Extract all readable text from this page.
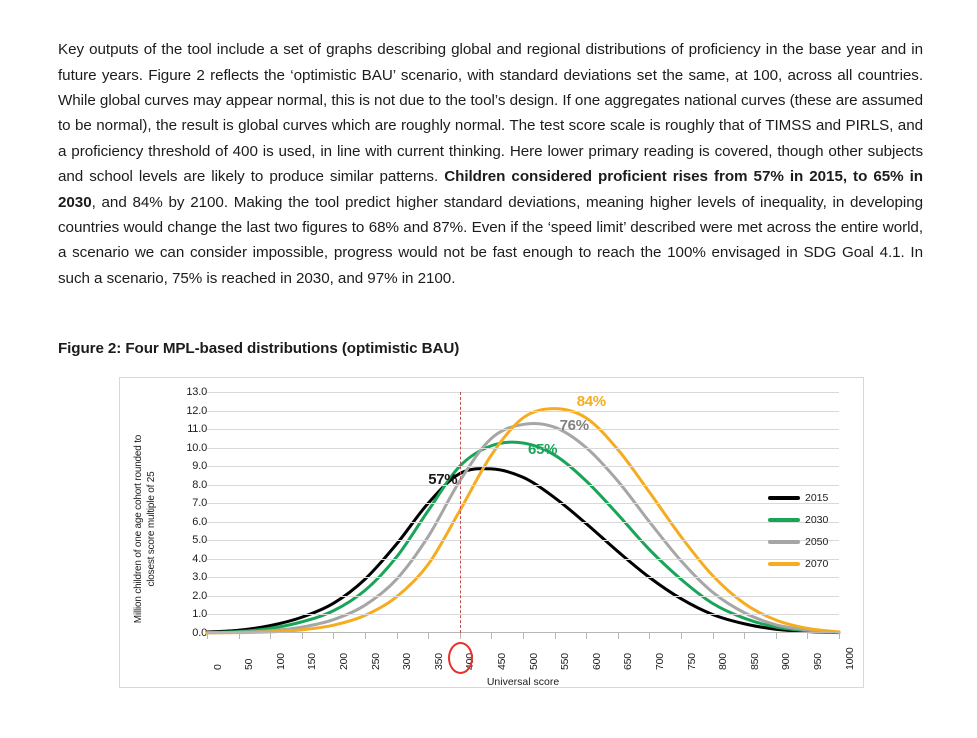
Key outputs of the tool include a set of graphs describing global and regional distributions of proficiency in the base year and in future years. Figure 2 reflects the ‘optimistic BAU’ scenario, with standard deviations set the same, at 100, across all countries. While global curves may appear normal, this is not due to the tool’s design. If one aggregates national curves (these are assumed to be normal), the result is global curves which are roughly normal. The test score scale is roughly that of TIMSS and PIRLS, and a proficiency threshold of 400 is used, in line with current thinking. Here lower primary reading is covered, though other subjects and school levels are likely to produce similar patterns. Children considered proficient rises from 57% in 2015, to 65% in 2030, and 84% by 2100. Making the tool predict higher standard deviations, meaning higher levels of inequality, in developing countries would change the last two figures to 68% and 87%. Even if the ‘speed limit’ described were met across the entire world, a scenario we can consider impossible, progress would not be fast enough to reach the 100% envisaged in SDG Goal 4.1. In such a scenario, 75% is reached in 2030, and 97% in 2100.

Figure 2: Four MPL-based distributions (optimistic BAU)
Million children of one age cohort rounded to closest score multiple of 25
0.0
1.0
2.0
3.0
4.0
5.0
6.0
7.0
8.0
9.0
10.0
11.0
12.0
13.0
57%
65%
76%
84%
0 50 100 150 200 250 300 350 400 450 500 550 600 650 700 750 800 850 900 950 1000
Universal score
2015
2030
2050
2070
